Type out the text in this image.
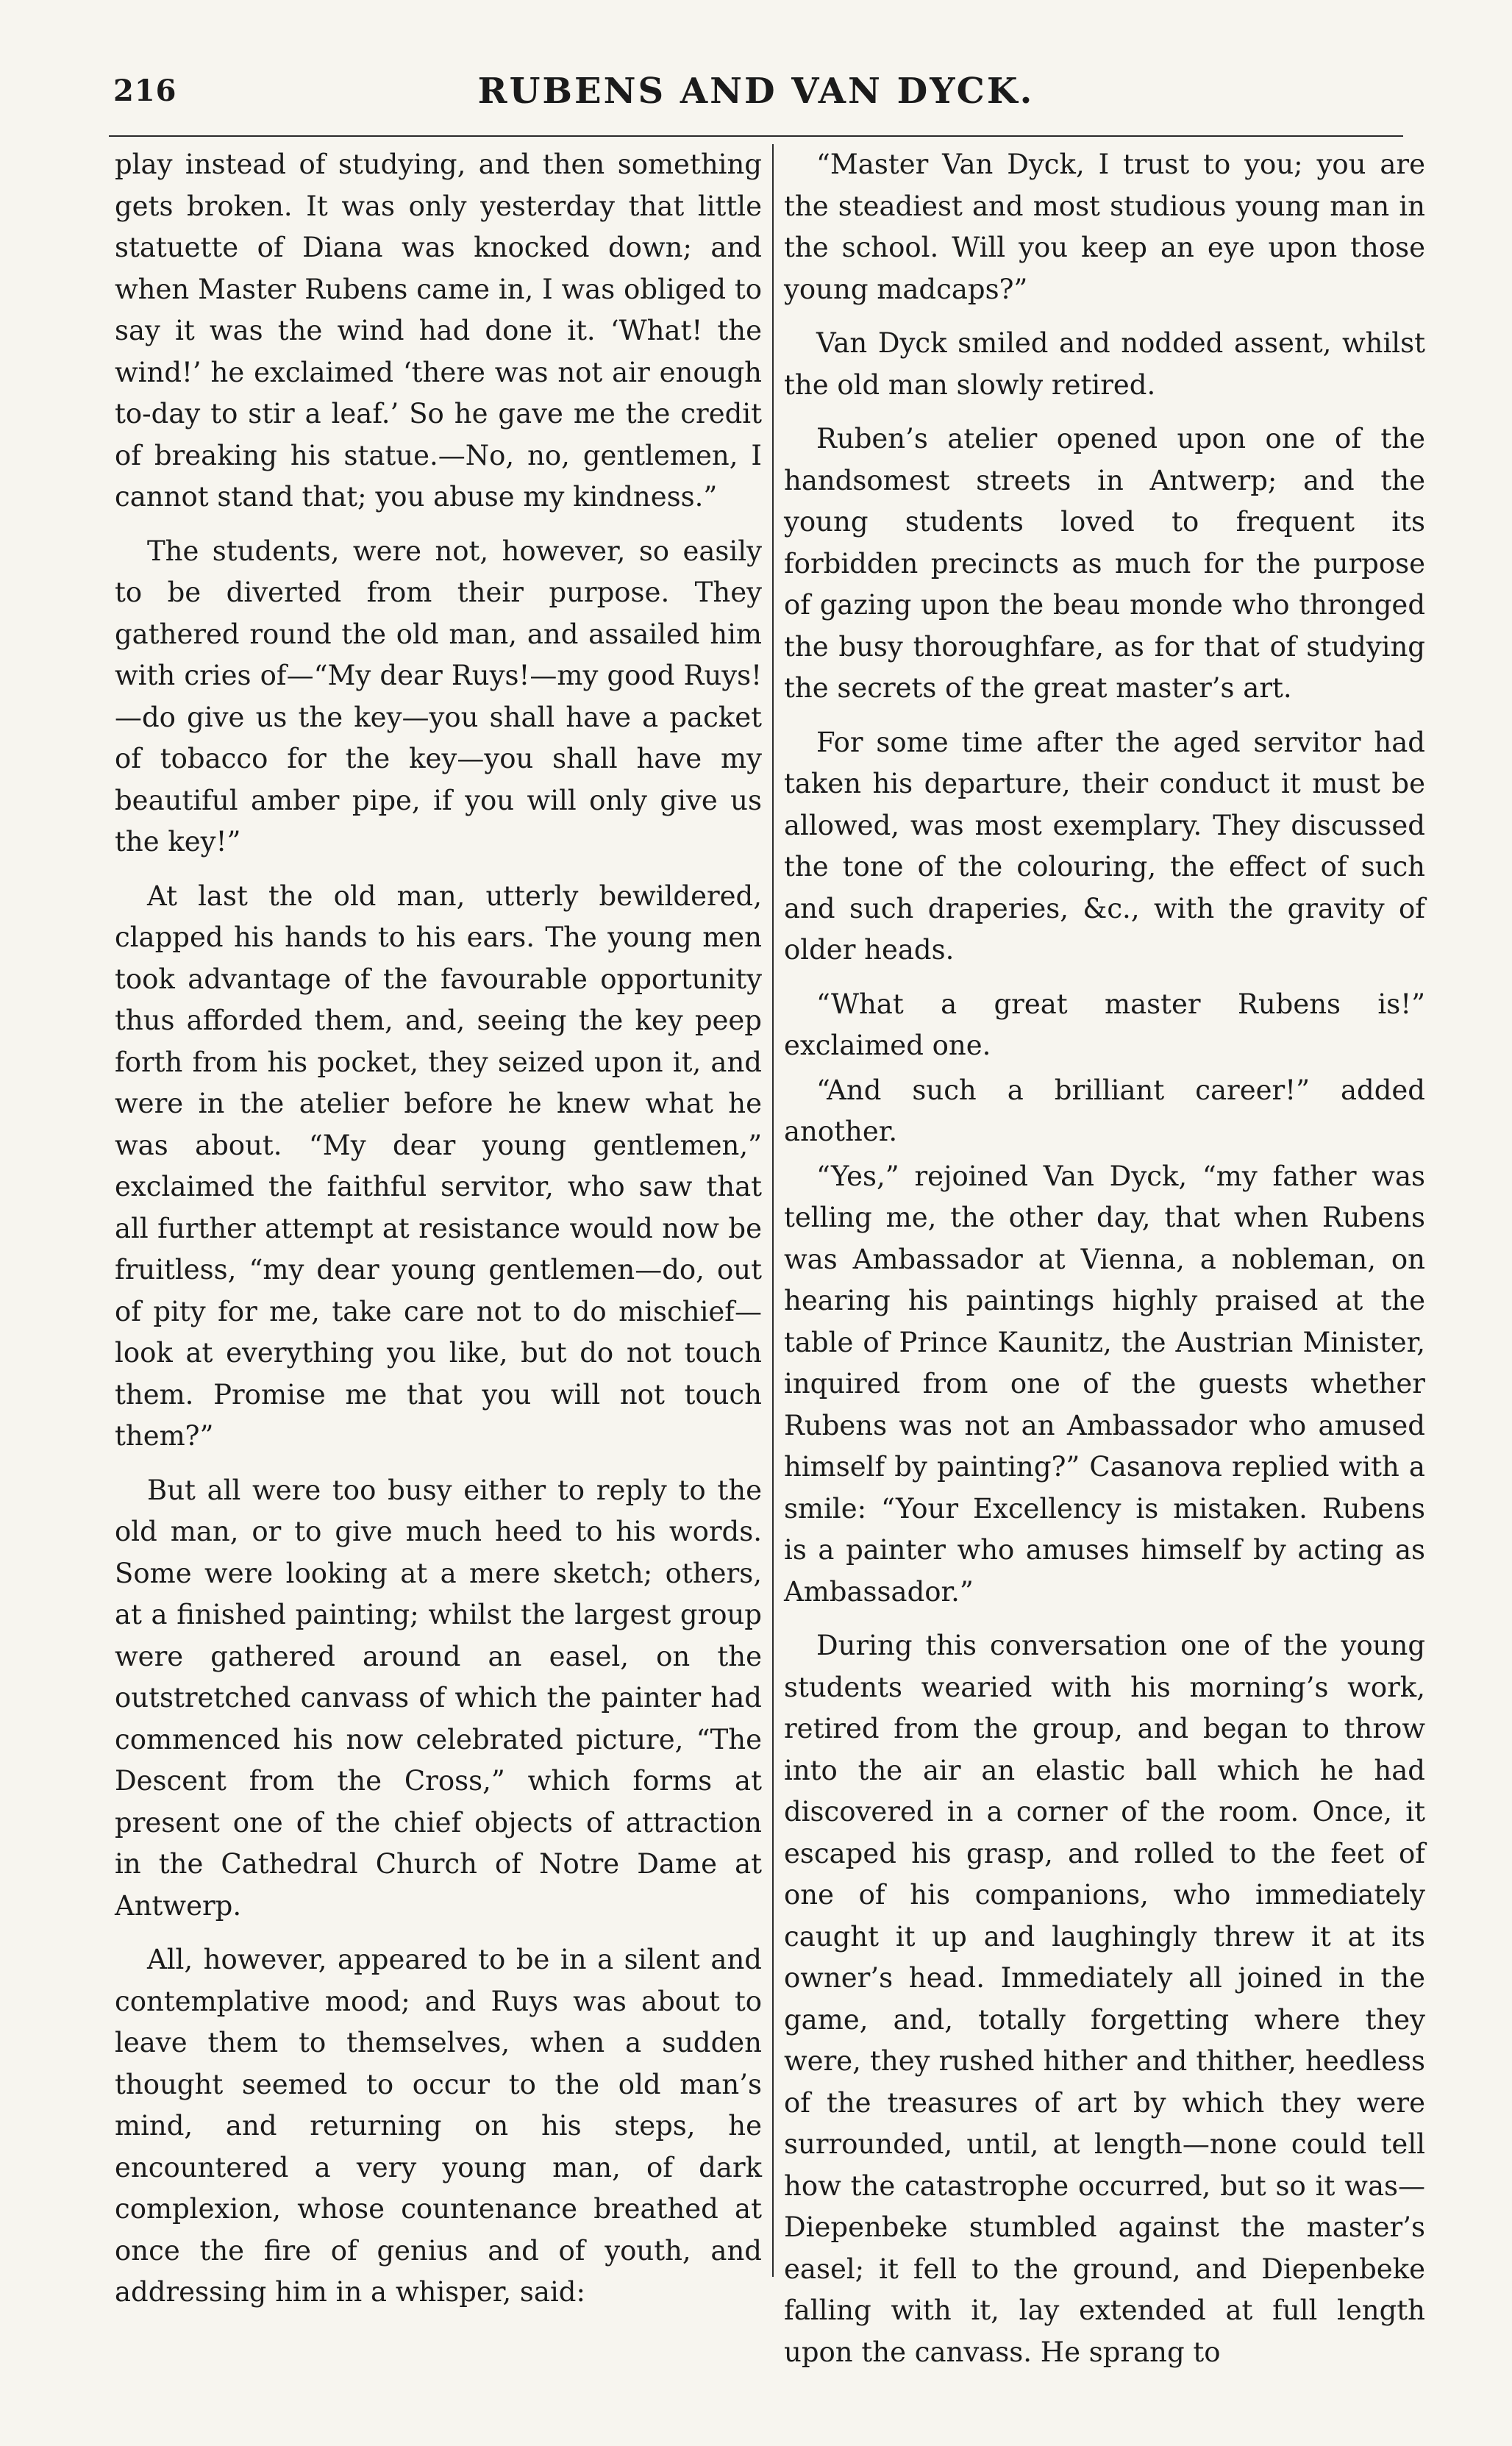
216	RUBENS AND VAN DYCK.

play instead of studying, and then something gets broken. It was only yesterday that little statuette of Diana was knocked down; and when Master Rubens came in, I was obliged to say it was the wind had done it. ‘What! the wind!’ he exclaimed ‘there was not air enough to-day to stir a leaf.’ So he gave me the credit of breaking his statue.—No, no, gentlemen, I cannot stand that; you abuse my kindness.”

The students, were not, however, so easily to be diverted from their purpose. They gathered round the old man, and assailed him with cries of—“My dear Ruys!—my good Ruys!—do give us the key—you shall have a packet of tobacco for the key—you shall have my beautiful amber pipe, if you will only give us the key!”

At last the old man, utterly bewildered, clapped his hands to his ears. The young men took advantage of the favourable opportunity thus afforded them, and, seeing the key peep forth from his pocket, they seized upon it, and were in the atelier before he knew what he was about. “My dear young gentlemen,” exclaimed the faithful servitor, who saw that all further attempt at resistance would now be fruitless, “my dear young gentlemen—do, out of pity for me, take care not to do mischief—look at everything you like, but do not touch them. Promise me that you will not touch them?”

But all were too busy either to reply to the old man, or to give much heed to his words. Some were looking at a mere sketch; others, at a finished painting; whilst the largest group were gathered around an easel, on the outstretched canvass of which the painter had commenced his now celebrated picture, “The Descent from the Cross,” which forms at present one of the chief objects of attraction in the Cathedral Church of Notre Dame at Antwerp.

All, however, appeared to be in a silent and contemplative mood; and Ruys was about to leave them to themselves, when a sudden thought seemed to occur to the old man’s mind, and returning on his steps, he encountered a very young man, of dark complexion, whose countenance breathed at once the fire of genius and of youth, and addressing him in a whisper, said:

“Master Van Dyck, I trust to you; you are the steadiest and most studious young man in the school. Will you keep an eye upon those young madcaps?”

Van Dyck smiled and nodded assent, whilst the old man slowly retired.

Ruben’s atelier opened upon one of the handsomest streets in Antwerp; and the young students loved to frequent its forbidden precincts as much for the purpose of gazing upon the beau monde who thronged the busy thoroughfare, as for that of studying the secrets of the great master’s art.

For some time after the aged servitor had taken his departure, their conduct it must be allowed, was most exemplary. They discussed the tone of the colouring, the effect of such and such draperies, &c., with the gravity of older heads.

“What a great master Rubens is!” exclaimed one.

“And such a brilliant career!” added another.

“Yes,” rejoined Van Dyck, “my father was telling me, the other day, that when Rubens was Ambassador at Vienna, a nobleman, on hearing his paintings highly praised at the table of Prince Kaunitz, the Austrian Minister, inquired from one of the guests whether Rubens was not an Ambassador who amused himself by painting?” Casanova replied with a smile: “Your Excellency is mistaken. Rubens is a painter who amuses himself by acting as Ambassador.”

During this conversation one of the young students wearied with his morning’s work, retired from the group, and began to throw into the air an elastic ball which he had discovered in a corner of the room. Once, it escaped his grasp, and rolled to the feet of one of his companions, who immediately caught it up and laughingly threw it at its owner’s head. Immediately all joined in the game, and, totally forgetting where they were, they rushed hither and thither, heedless of the treasures of art by which they were surrounded, until, at length—none could tell how the catastrophe occurred, but so it was—Diepenbeke stumbled against the master’s easel; it fell to the ground, and Diepenbeke falling with it, lay extended at full length upon the canvass. He sprang to
